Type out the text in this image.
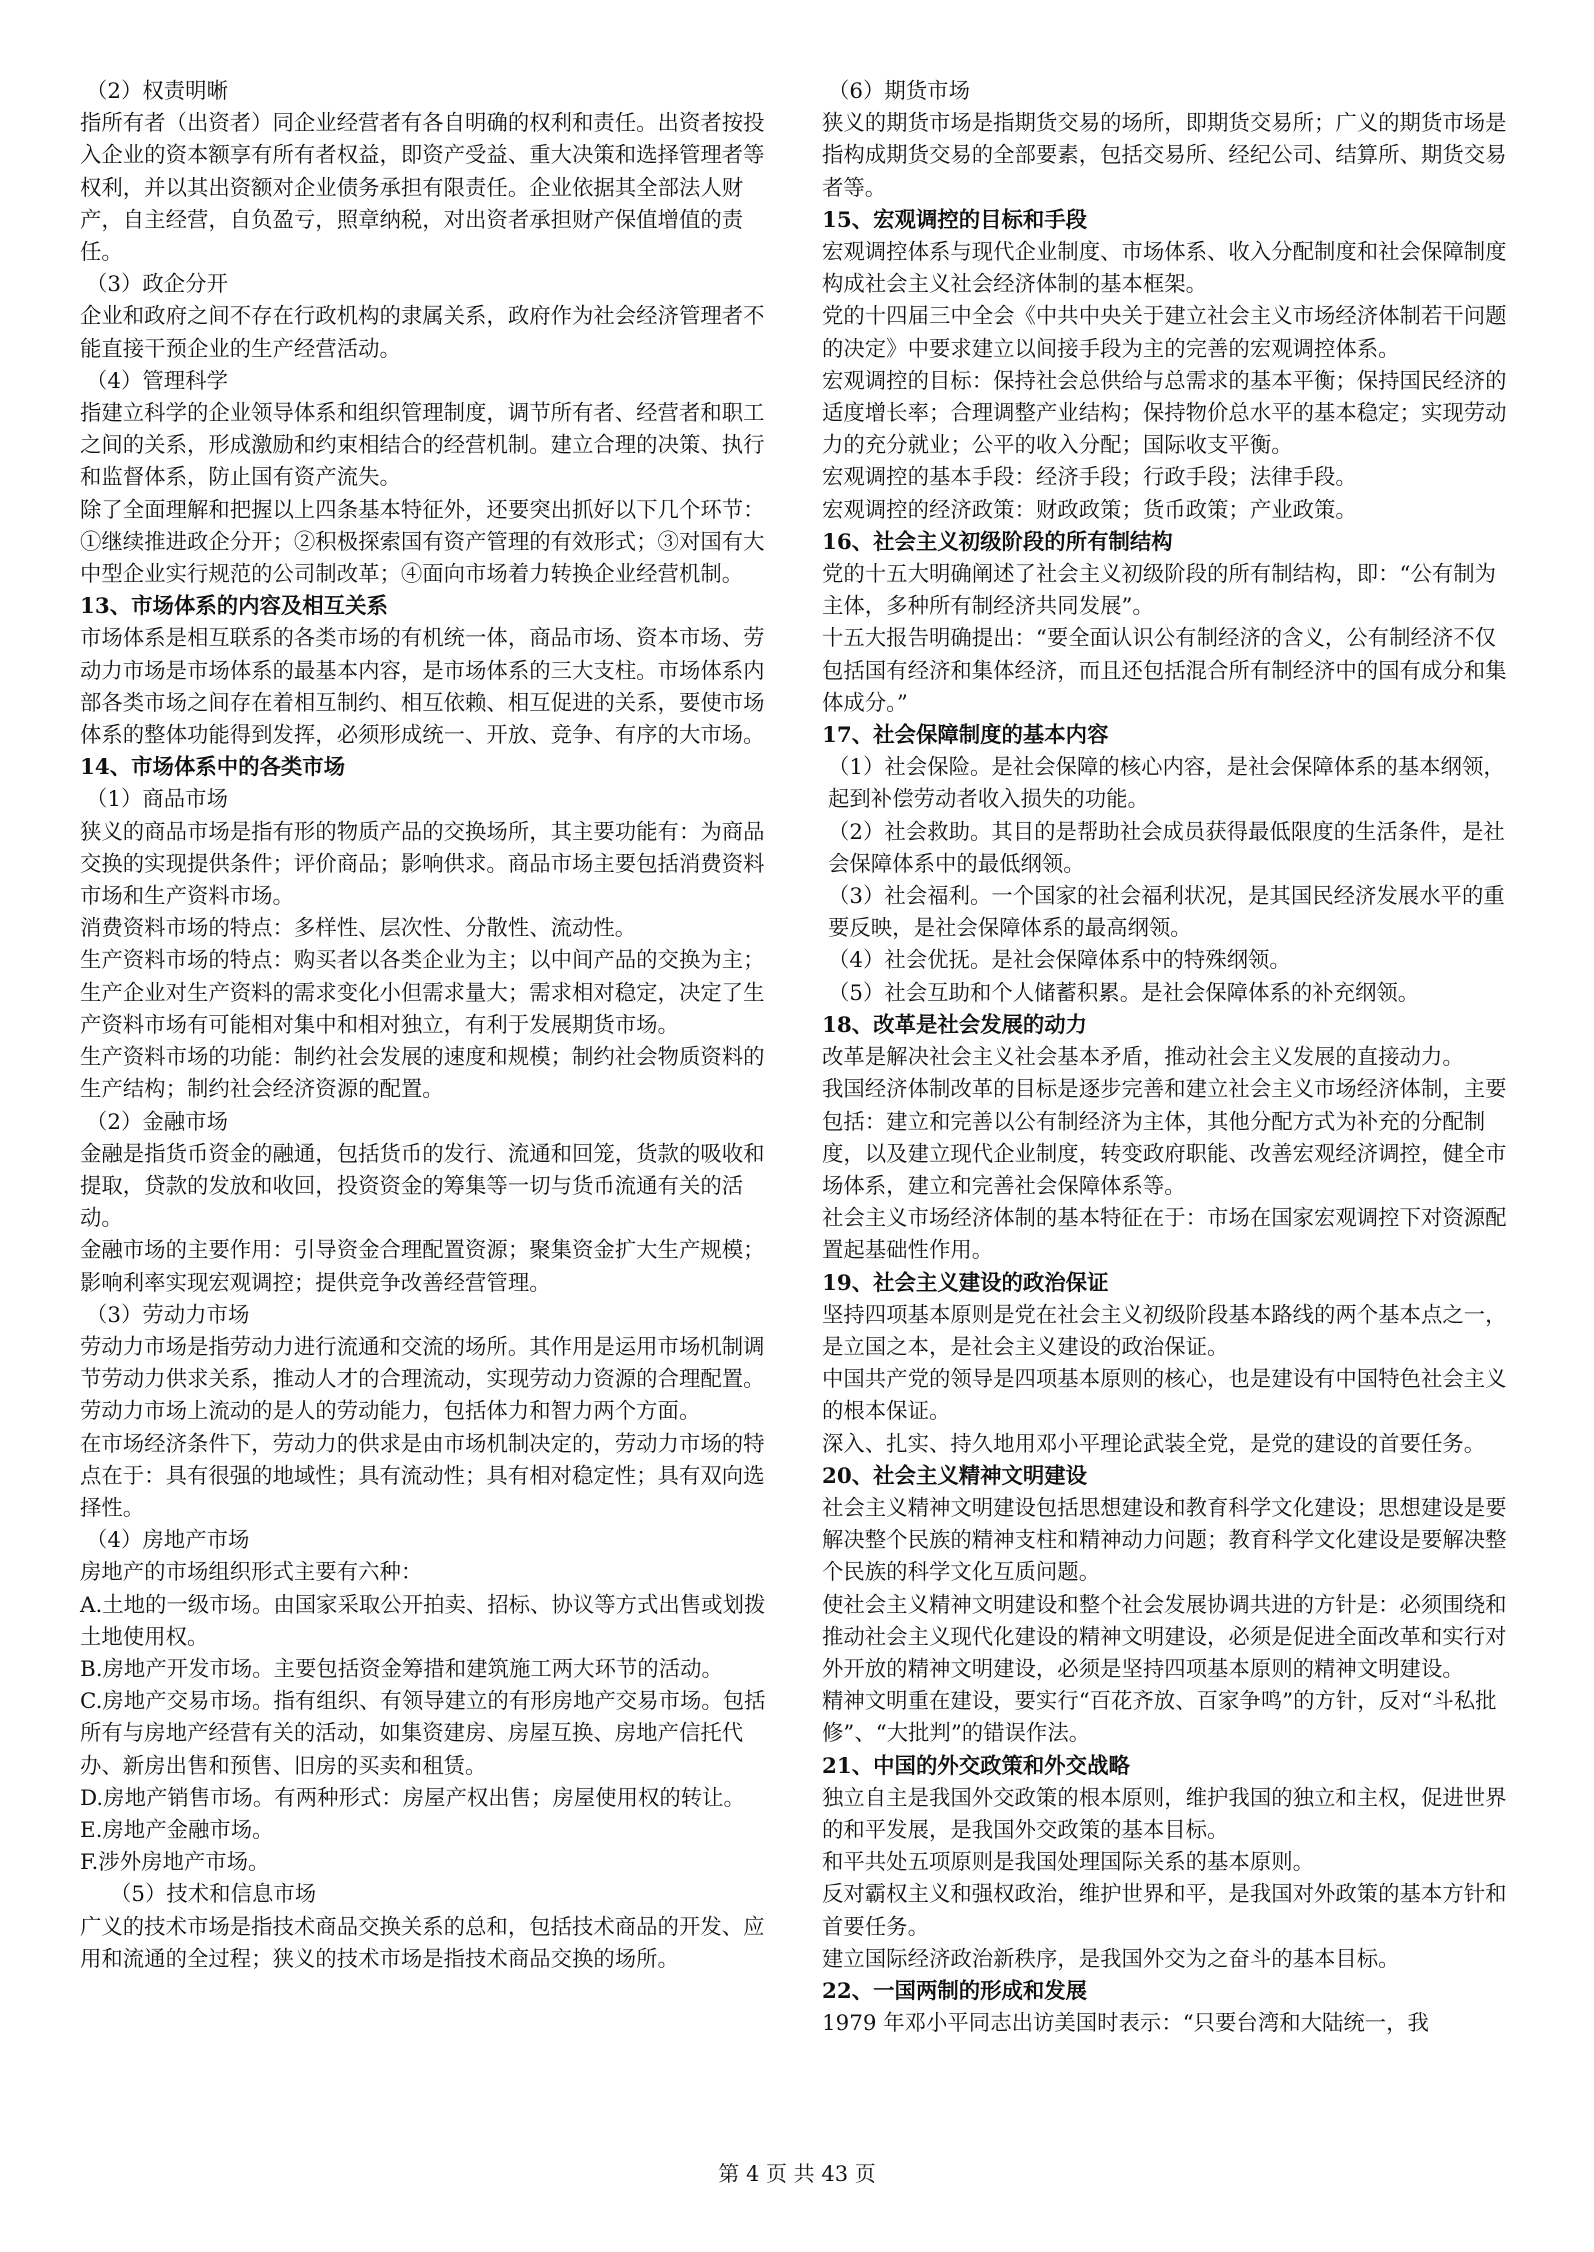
（2）权责明晰

指所有者（出资者）同企业经营者有各自明确的权利和责任。出资者按投入企业的资本额享有所有者权益，即资产受益、重大决策和选择管理者等权利，并以其出资额对企业债务承担有限责任。企业依据其全部法人财产，自主经营，自负盈亏，照章纳税，对出资者承担财产保值增值的责任。

（3）政企分开

企业和政府之间不存在行政机构的隶属关系，政府作为社会经济管理者不能直接干预企业的生产经营活动。

（4）管理科学

指建立科学的企业领导体系和组织管理制度，调节所有者、经营者和职工之间的关系，形成激励和约束相结合的经营机制。建立合理的决策、执行和监督体系，防止国有资产流失。

除了全面理解和把握以上四条基本特征外，还要突出抓好以下几个环节：①继续推进政企分开；②积极探索国有资产管理的有效形式；③对国有大中型企业实行规范的公司制改革；④面向市场着力转换企业经营机制。

13、市场体系的内容及相互关系

市场体系是相互联系的各类市场的有机统一体，商品市场、资本市场、劳动力市场是市场体系的最基本内容，是市场体系的三大支柱。市场体系内部各类市场之间存在着相互制约、相互依赖、相互促进的关系，要使市场体系的整体功能得到发挥，必须形成统一、开放、竞争、有序的大市场。

14、市场体系中的各类市场

（1）商品市场

狭义的商品市场是指有形的物质产品的交换场所，其主要功能有：为商品交换的实现提供条件；评价商品；影响供求。商品市场主要包括消费资料市场和生产资料市场。

消费资料市场的特点：多样性、层次性、分散性、流动性。

生产资料市场的特点：购买者以各类企业为主；以中间产品的交换为主；生产企业对生产资料的需求变化小但需求量大；需求相对稳定，决定了生产资料市场有可能相对集中和相对独立，有利于发展期货市场。

生产资料市场的功能：制约社会发展的速度和规模；制约社会物质资料的生产结构；制约社会经济资源的配置。

（2）金融市场

金融是指货币资金的融通，包括货币的发行、流通和回笼，货款的吸收和提取，贷款的发放和收回，投资资金的筹集等一切与货币流通有关的活动。

金融市场的主要作用：引导资金合理配置资源；聚集资金扩大生产规模；影响利率实现宏观调控；提供竞争改善经营管理。

（3）劳动力市场

劳动力市场是指劳动力进行流通和交流的场所。其作用是运用市场机制调节劳动力供求关系，推动人才的合理流动，实现劳动力资源的合理配置。劳动力市场上流动的是人的劳动能力，包括体力和智力两个方面。

在市场经济条件下，劳动力的供求是由市场机制决定的，劳动力市场的特点在于：具有很强的地域性；具有流动性；具有相对稳定性；具有双向选择性。

（4）房地产市场

房地产的市场组织形式主要有六种：

A.土地的一级市场。由国家采取公开拍卖、招标、协议等方式出售或划拨土地使用权。

B.房地产开发市场。主要包括资金筹措和建筑施工两大环节的活动。

C.房地产交易市场。指有组织、有领导建立的有形房地产交易市场。包括所有与房地产经营有关的活动，如集资建房、房屋互换、房地产信托代办、新房出售和预售、旧房的买卖和租赁。

D.房地产销售市场。有两种形式：房屋产权出售；房屋使用权的转让。

E.房地产金融市场。

F.涉外房地产市场。

（5）技术和信息市场

广义的技术市场是指技术商品交换关系的总和，包括技术商品的开发、应用和流通的全过程；狭义的技术市场是指技术商品交换的场所。

（6）期货市场

狭义的期货市场是指期货交易的场所，即期货交易所；广义的期货市场是指构成期货交易的全部要素，包括交易所、经纪公司、结算所、期货交易者等。

15、宏观调控的目标和手段

宏观调控体系与现代企业制度、市场体系、收入分配制度和社会保障制度构成社会主义社会经济体制的基本框架。

党的十四届三中全会《中共中央关于建立社会主义市场经济体制若干问题的决定》中要求建立以间接手段为主的完善的宏观调控体系。

宏观调控的目标：保持社会总供给与总需求的基本平衡；保持国民经济的适度增长率；合理调整产业结构；保持物价总水平的基本稳定；实现劳动力的充分就业；公平的收入分配；国际收支平衡。

宏观调控的基本手段：经济手段；行政手段；法律手段。

宏观调控的经济政策：财政政策；货币政策；产业政策。

16、社会主义初级阶段的所有制结构

党的十五大明确阐述了社会主义初级阶段的所有制结构，即：“公有制为主体，多种所有制经济共同发展”。

十五大报告明确提出：“要全面认识公有制经济的含义，公有制经济不仅包括国有经济和集体经济，而且还包括混合所有制经济中的国有成分和集体成分。”

17、社会保障制度的基本内容

（1）社会保险。是社会保障的核心内容，是社会保障体系的基本纲领，起到补偿劳动者收入损失的功能。

（2）社会救助。其目的是帮助社会成员获得最低限度的生活条件，是社会保障体系中的最低纲领。

（3）社会福利。一个国家的社会福利状况，是其国民经济发展水平的重要反映，是社会保障体系的最高纲领。

（4）社会优抚。是社会保障体系中的特殊纲领。

（5）社会互助和个人储蓄积累。是社会保障体系的补充纲领。

18、改革是社会发展的动力

改革是解决社会主义社会基本矛盾，推动社会主义发展的直接动力。

我国经济体制改革的目标是逐步完善和建立社会主义市场经济体制，主要包括：建立和完善以公有制经济为主体，其他分配方式为补充的分配制度，以及建立现代企业制度，转变政府职能、改善宏观经济调控，健全市场体系，建立和完善社会保障体系等。

社会主义市场经济体制的基本特征在于：市场在国家宏观调控下对资源配置起基础性作用。

19、社会主义建设的政治保证

坚持四项基本原则是党在社会主义初级阶段基本路线的两个基本点之一，是立国之本，是社会主义建设的政治保证。

中国共产党的领导是四项基本原则的核心，也是建设有中国特色社会主义的根本保证。

深入、扎实、持久地用邓小平理论武装全党，是党的建设的首要任务。

20、社会主义精神文明建设

社会主义精神文明建设包括思想建设和教育科学文化建设；思想建设是要解决整个民族的精神支柱和精神动力问题；教育科学文化建设是要解决整个民族的科学文化互质问题。

使社会主义精神文明建设和整个社会发展协调共进的方针是：必须围绕和推动社会主义现代化建设的精神文明建设，必须是促进全面改革和实行对外开放的精神文明建设，必须是坚持四项基本原则的精神文明建设。

精神文明重在建设，要实行“百花齐放、百家争鸣”的方针，反对“斗私批修”、“大批判”的错误作法。

21、中国的外交政策和外交战略

独立自主是我国外交政策的根本原则，维护我国的独立和主权，促进世界的和平发展，是我国外交政策的基本目标。

和平共处五项原则是我国处理国际关系的基本原则。

反对霸权主义和强权政治，维护世界和平，是我国对外政策的基本方针和首要任务。

建立国际经济政治新秩序，是我国外交为之奋斗的基本目标。

22、一国两制的形成和发展

1979 年邓小平同志出访美国时表示：“只要台湾和大陆统一，我

第 4 页 共 43 页
